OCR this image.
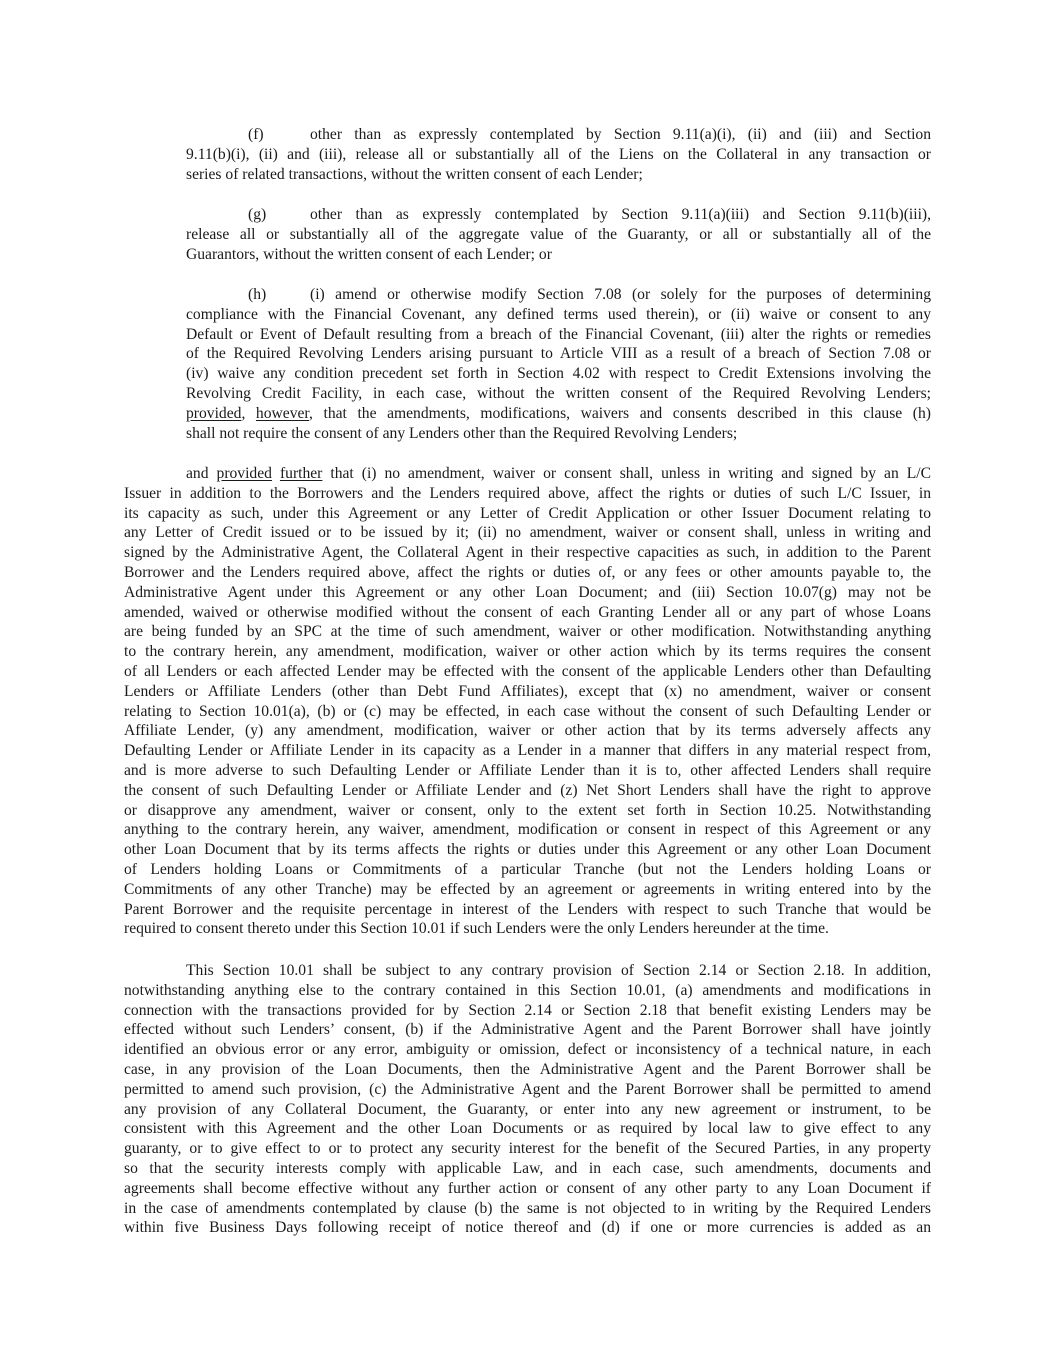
(f)	other than as expressly contemplated by Section 9.11(a)(i), (ii) and (iii) and Section
9.11(b)(i), (ii) and (iii), release all or substantially all of the Liens on the Collateral in any transaction or
series of related transactions, without the written consent of each Lender;
(g)	other than as expressly contemplated by Section 9.11(a)(iii) and Section 9.11(b)(iii),
release all or substantially all of the aggregate value of the Guaranty, or all or substantially all of the
Guarantors, without the written consent of each Lender; or
(h)	(i) amend or otherwise modify Section 7.08 (or solely for the purposes of determining
compliance with the Financial Covenant, any defined terms used therein), or (ii) waive or consent to any
Default or Event of Default resulting from a breach of the Financial Covenant, (iii) alter the rights or remedies
of the Required Revolving Lenders arising pursuant to Article VIII as a result of a breach of Section 7.08 or
(iv) waive any condition precedent set forth in Section 4.02 with respect to Credit Extensions involving the
Revolving Credit Facility, in each case, without the written consent of the Required Revolving Lenders;
provided, however, that the amendments, modifications, waivers and consents described in this clause (h)
shall not require the consent of any Lenders other than the Required Revolving Lenders;
and provided further that (i) no amendment, waiver or consent shall, unless in writing and signed by an L/C
Issuer in addition to the Borrowers and the Lenders required above, affect the rights or duties of such L/C Issuer, in
its capacity as such, under this Agreement or any Letter of Credit Application or other Issuer Document relating to
any Letter of Credit issued or to be issued by it; (ii) no amendment, waiver or consent shall, unless in writing and
signed by the Administrative Agent, the Collateral Agent in their respective capacities as such, in addition to the Parent
Borrower and the Lenders required above, affect the rights or duties of, or any fees or other amounts payable to, the
Administrative Agent under this Agreement or any other Loan Document; and (iii) Section 10.07(g) may not be
amended, waived or otherwise modified without the consent of each Granting Lender all or any part of whose Loans
are being funded by an SPC at the time of such amendment, waiver or other modification. Notwithstanding anything
to the contrary herein, any amendment, modification, waiver or other action which by its terms requires the consent
of all Lenders or each affected Lender may be effected with the consent of the applicable Lenders other than Defaulting
Lenders or Affiliate Lenders (other than Debt Fund Affiliates), except that (x) no amendment, waiver or consent
relating to Section 10.01(a), (b) or (c) may be effected, in each case without the consent of such Defaulting Lender or
Affiliate Lender, (y) any amendment, modification, waiver or other action that by its terms adversely affects any
Defaulting Lender or Affiliate Lender in its capacity as a Lender in a manner that differs in any material respect from,
and is more adverse to such Defaulting Lender or Affiliate Lender than it is to, other affected Lenders shall require
the consent of such Defaulting Lender or Affiliate Lender and (z) Net Short Lenders shall have the right to approve
or disapprove any amendment, waiver or consent, only to the extent set forth in Section 10.25. Notwithstanding
anything to the contrary herein, any waiver, amendment, modification or consent in respect of this Agreement or any
other Loan Document that by its terms affects the rights or duties under this Agreement or any other Loan Document
of Lenders holding Loans or Commitments of a particular Tranche (but not the Lenders holding Loans or
Commitments of any other Tranche) may be effected by an agreement or agreements in writing entered into by the
Parent Borrower and the requisite percentage in interest of the Lenders with respect to such Tranche that would be
required to consent thereto under this Section 10.01 if such Lenders were the only Lenders hereunder at the time.
This Section 10.01 shall be subject to any contrary provision of Section 2.14 or Section 2.18. In addition,
notwithstanding anything else to the contrary contained in this Section 10.01, (a) amendments and modifications in
connection with the transactions provided for by Section 2.14 or Section 2.18 that benefit existing Lenders may be
effected without such Lenders’ consent, (b) if the Administrative Agent and the Parent Borrower shall have jointly
identified an obvious error or any error, ambiguity or omission, defect or inconsistency of a technical nature, in each
case, in any provision of the Loan Documents, then the Administrative Agent and the Parent Borrower shall be
permitted to amend such provision, (c) the Administrative Agent and the Parent Borrower shall be permitted to amend
any provision of any Collateral Document, the Guaranty, or enter into any new agreement or instrument, to be
consistent with this Agreement and the other Loan Documents or as required by local law to give effect to any
guaranty, or to give effect to or to protect any security interest for the benefit of the Secured Parties, in any property
so that the security interests comply with applicable Law, and in each case, such amendments, documents and
agreements shall become effective without any further action or consent of any other party to any Loan Document if
in the case of amendments contemplated by clause (b) the same is not objected to in writing by the Required Lenders
within five Business Days following receipt of notice thereof and (d) if one or more currencies is added as an
